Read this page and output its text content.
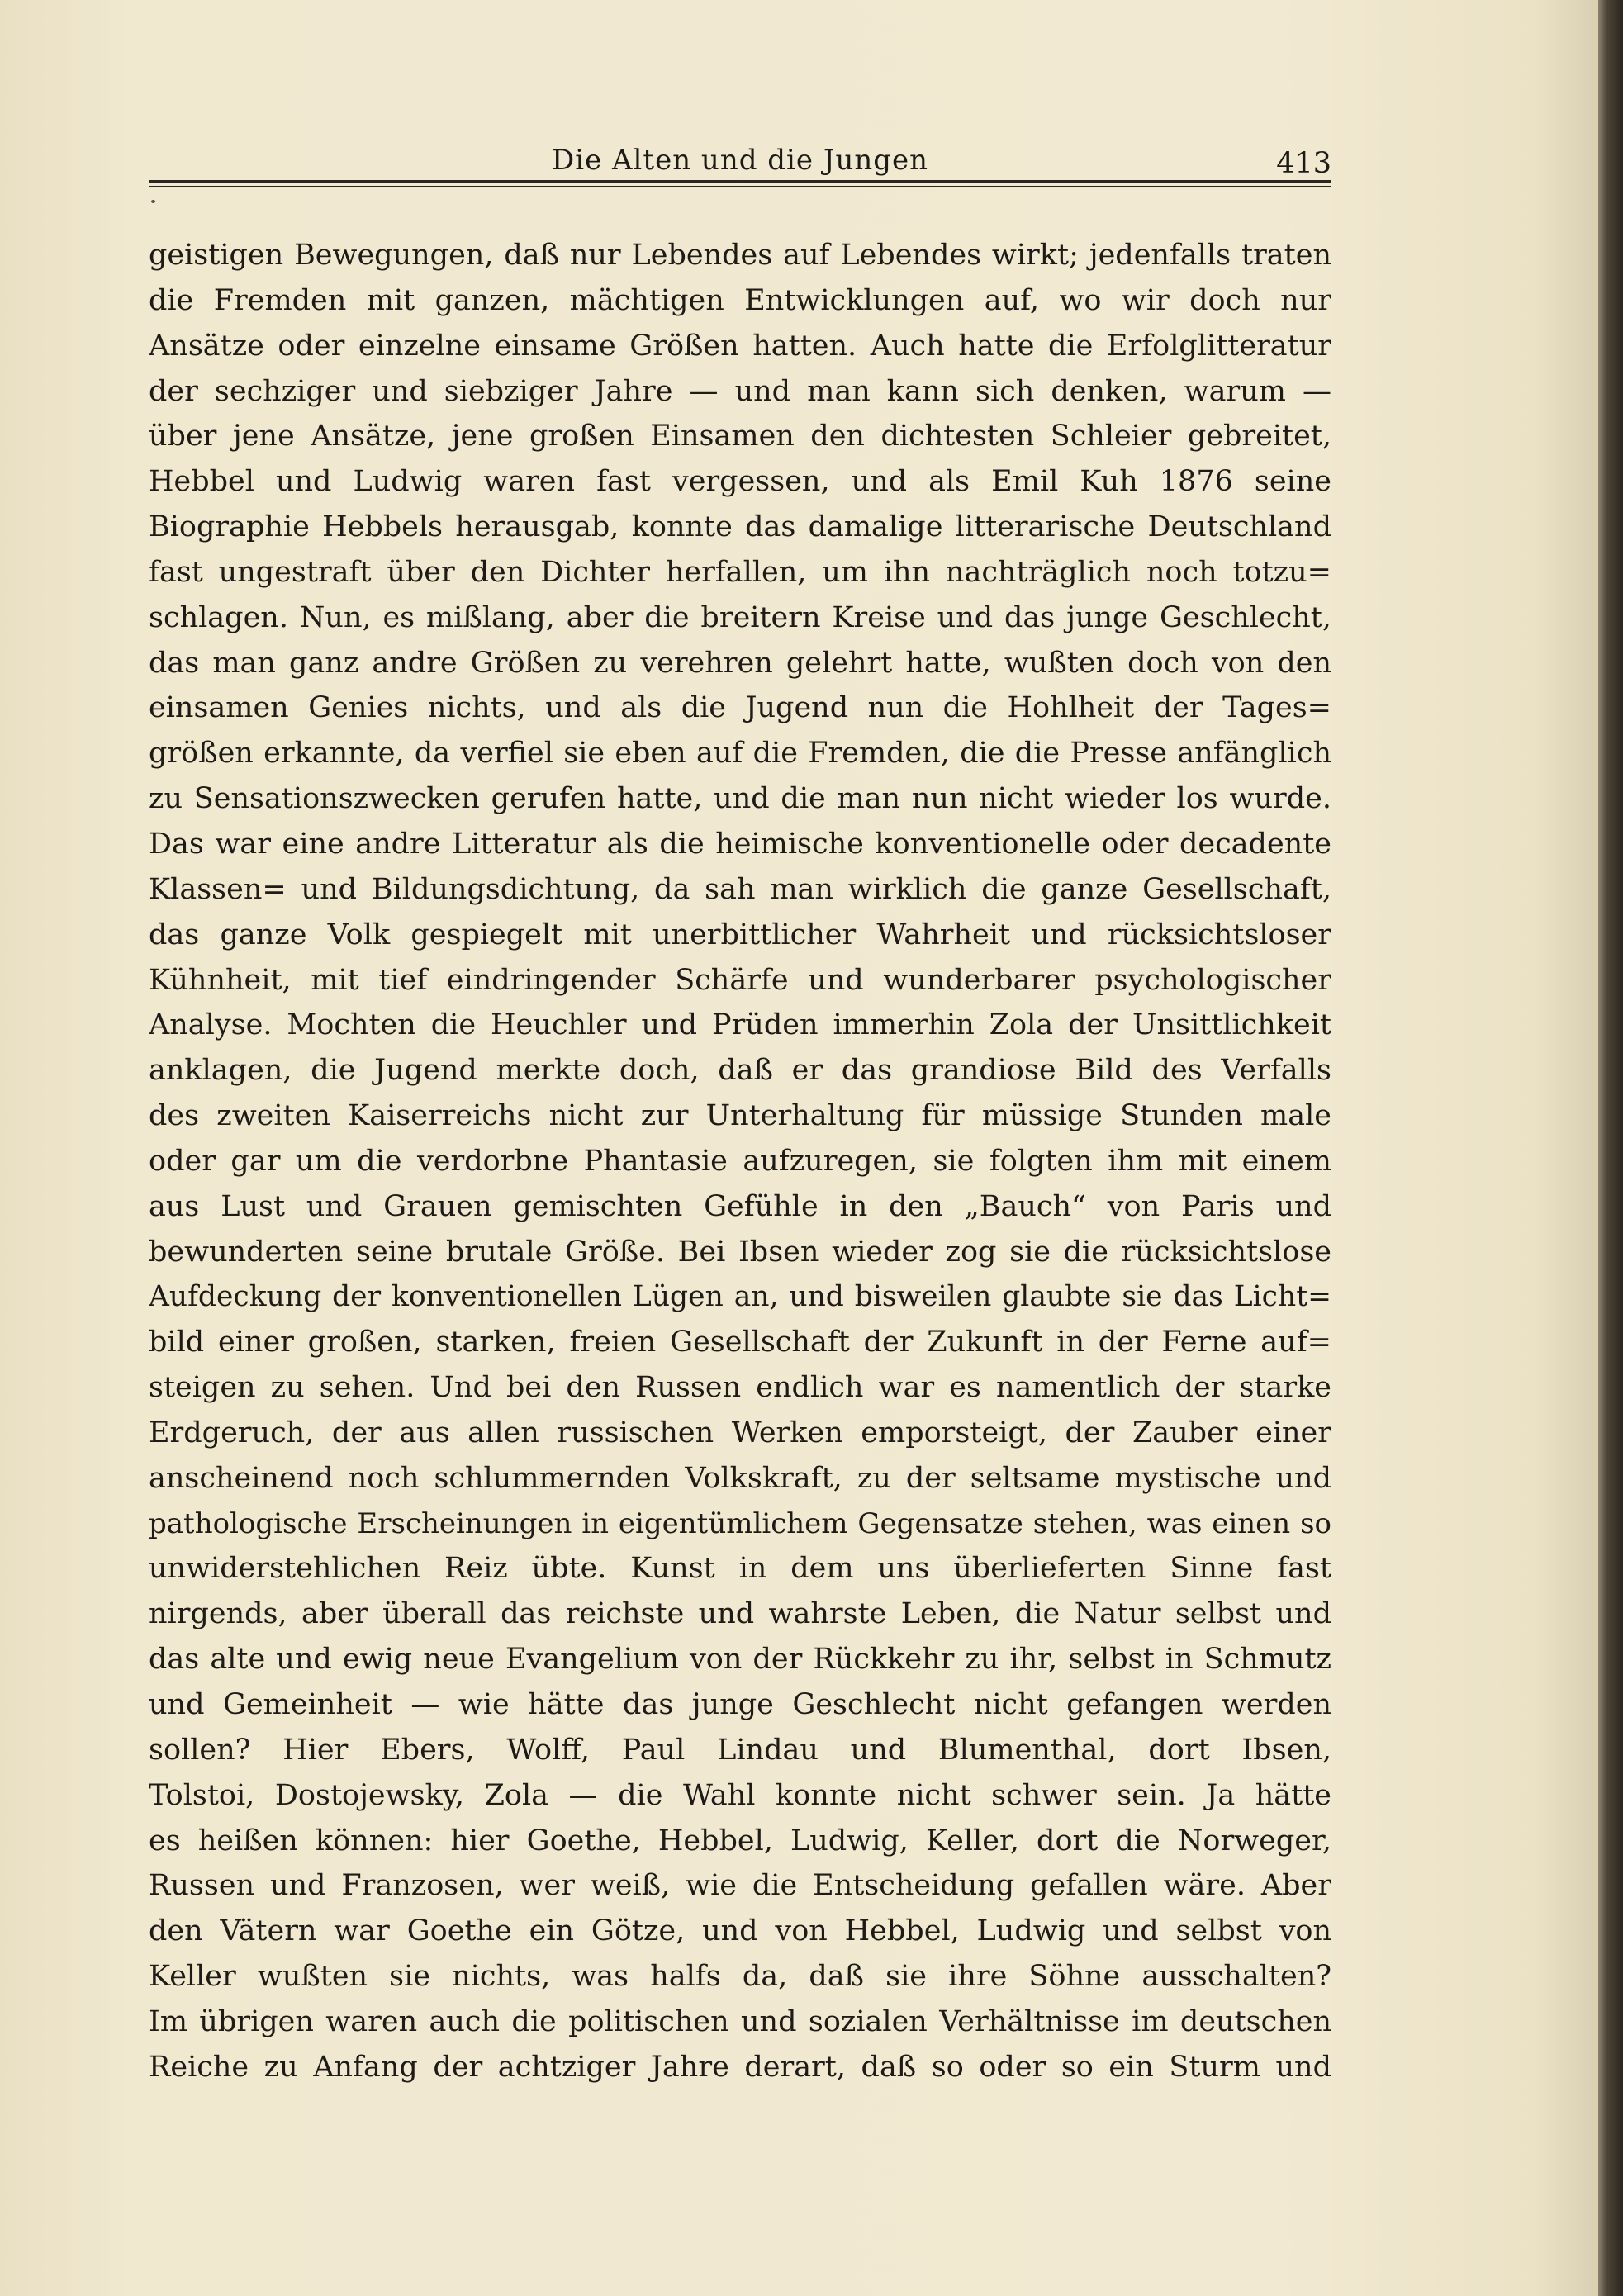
Die Alten und die Jungen	413
geistigen Bewegungen, daß nur Lebendes auf Lebendes wirkt; jedenfalls traten
die Fremden mit ganzen, mächtigen Entwicklungen auf, wo wir doch nur
Ansätze oder einzelne einsame Größen hatten. Auch hatte die Erfolglitteratur
der sechziger und siebziger Jahre — und man kann sich denken, warum —
über jene Ansätze, jene großen Einsamen den dichtesten Schleier gebreitet,
Hebbel und Ludwig waren fast vergessen, und als Emil Kuh 1876 seine
Biographie Hebbels herausgab, konnte das damalige litterarische Deutschland
fast ungestraft über den Dichter herfallen, um ihn nachträglich noch totzu=
schlagen. Nun, es mißlang, aber die breitern Kreise und das junge Geschlecht,
das man ganz andre Größen zu verehren gelehrt hatte, wußten doch von den
einsamen Genies nichts, und als die Jugend nun die Hohlheit der Tages=
größen erkannte, da verfiel sie eben auf die Fremden, die die Presse anfänglich
zu Sensationszwecken gerufen hatte, und die man nun nicht wieder los wurde.
Das war eine andre Litteratur als die heimische konventionelle oder decadente
Klassen= und Bildungsdichtung, da sah man wirklich die ganze Gesellschaft,
das ganze Volk gespiegelt mit unerbittlicher Wahrheit und rücksichtsloser
Kühnheit, mit tief eindringender Schärfe und wunderbarer psychologischer
Analyse. Mochten die Heuchler und Prüden immerhin Zola der Unsittlichkeit
anklagen, die Jugend merkte doch, daß er das grandiose Bild des Verfalls
des zweiten Kaiserreichs nicht zur Unterhaltung für müssige Stunden male
oder gar um die verdorbne Phantasie aufzuregen, sie folgten ihm mit einem
aus Lust und Grauen gemischten Gefühle in den „Bauch“ von Paris und
bewunderten seine brutale Größe. Bei Ibsen wieder zog sie die rücksichtslose
Aufdeckung der konventionellen Lügen an, und bisweilen glaubte sie das Licht=
bild einer großen, starken, freien Gesellschaft der Zukunft in der Ferne auf=
steigen zu sehen. Und bei den Russen endlich war es namentlich der starke
Erdgeruch, der aus allen russischen Werken emporsteigt, der Zauber einer
anscheinend noch schlummernden Volkskraft, zu der seltsame mystische und
pathologische Erscheinungen in eigentümlichem Gegensatze stehen, was einen so
unwiderstehlichen Reiz übte. Kunst in dem uns überlieferten Sinne fast
nirgends, aber überall das reichste und wahrste Leben, die Natur selbst und
das alte und ewig neue Evangelium von der Rückkehr zu ihr, selbst in Schmutz
und Gemeinheit — wie hätte das junge Geschlecht nicht gefangen werden
sollen? Hier Ebers, Wolff, Paul Lindau und Blumenthal, dort Ibsen,
Tolstoi, Dostojewsky, Zola — die Wahl konnte nicht schwer sein. Ja hätte
es heißen können: hier Goethe, Hebbel, Ludwig, Keller, dort die Norweger,
Russen und Franzosen, wer weiß, wie die Entscheidung gefallen wäre. Aber
den Vätern war Goethe ein Götze, und von Hebbel, Ludwig und selbst von
Keller wußten sie nichts, was halfs da, daß sie ihre Söhne ausschalten?
Im übrigen waren auch die politischen und sozialen Verhältnisse im deutschen
Reiche zu Anfang der achtziger Jahre derart, daß so oder so ein Sturm und
